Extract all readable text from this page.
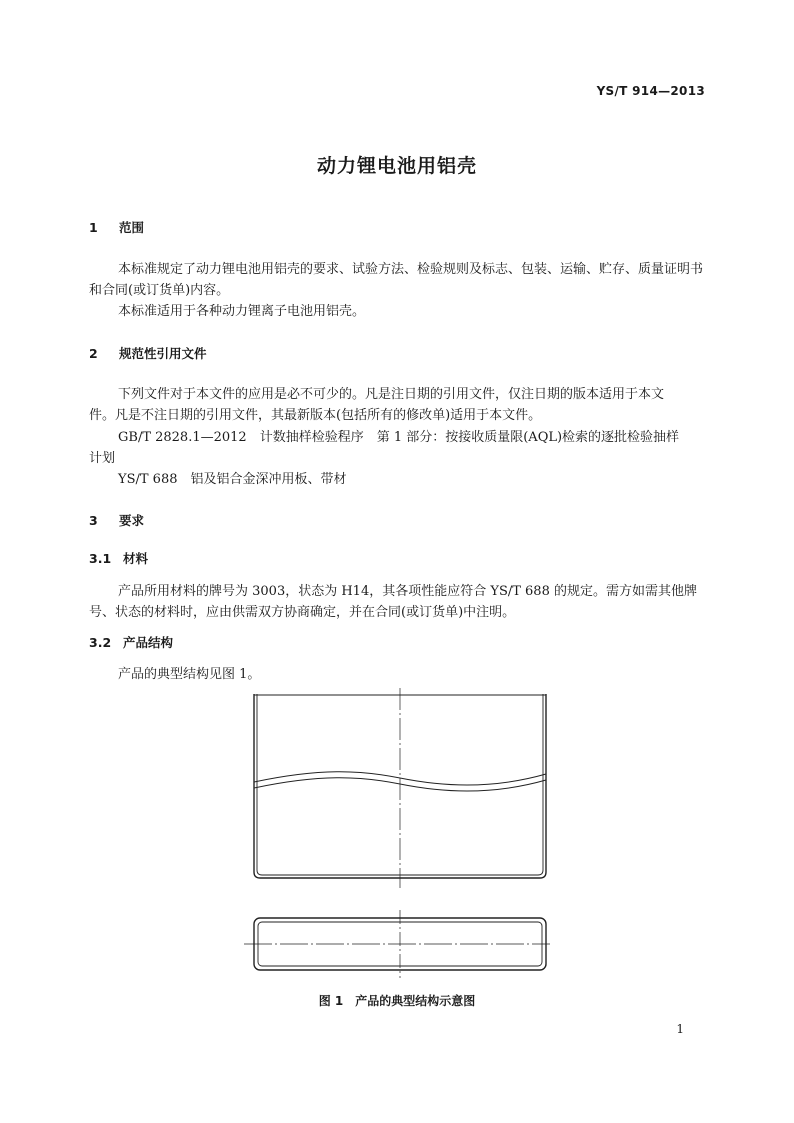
YS/T 914—2013
动力锂电池用铝壳
1 范围
本标准规定了动力锂电池用铝壳的要求、试验方法、检验规则及标志、包装、运输、贮存、质量证明书
和合同(或订货单)内容。
本标准适用于各种动力锂离子电池用铝壳。
2 规范性引用文件
下列文件对于本文件的应用是必不可少的。凡是注日期的引用文件，仅注日期的版本适用于本文
件。凡是不注日期的引用文件，其最新版本(包括所有的修改单)适用于本文件。
GB/T 2828.1—2012　计数抽样检验程序　第 1 部分：按接收质量限(AQL)检索的逐批检验抽样
计划
YS/T 688　铝及铝合金深冲用板、带材
3 要求
3.1 材料
产品所用材料的牌号为 3003，状态为 H14，其各项性能应符合 YS/T 688 的规定。需方如需其他牌
号、状态的材料时，应由供需双方协商确定，并在合同(或订货单)中注明。
3.2 产品结构
产品的典型结构见图 1。
图 1　产品的典型结构示意图
1
